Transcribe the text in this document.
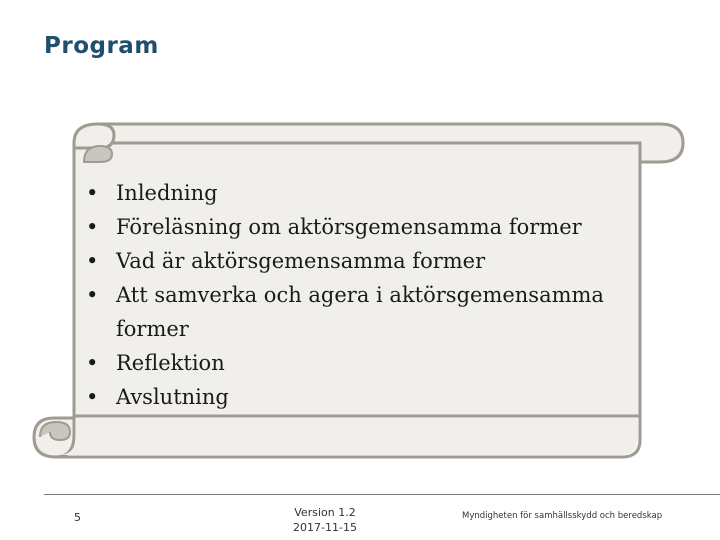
Program
• Inledning
• Föreläsning om aktörsgemensamma former
• Vad är aktörsgemensamma former
• Att samverka och agera i aktörsgemensamma former
• Reflektion
• Avslutning
5	Version 1.2
2017-11-15
Myndigheten för samhällsskydd och beredskap
